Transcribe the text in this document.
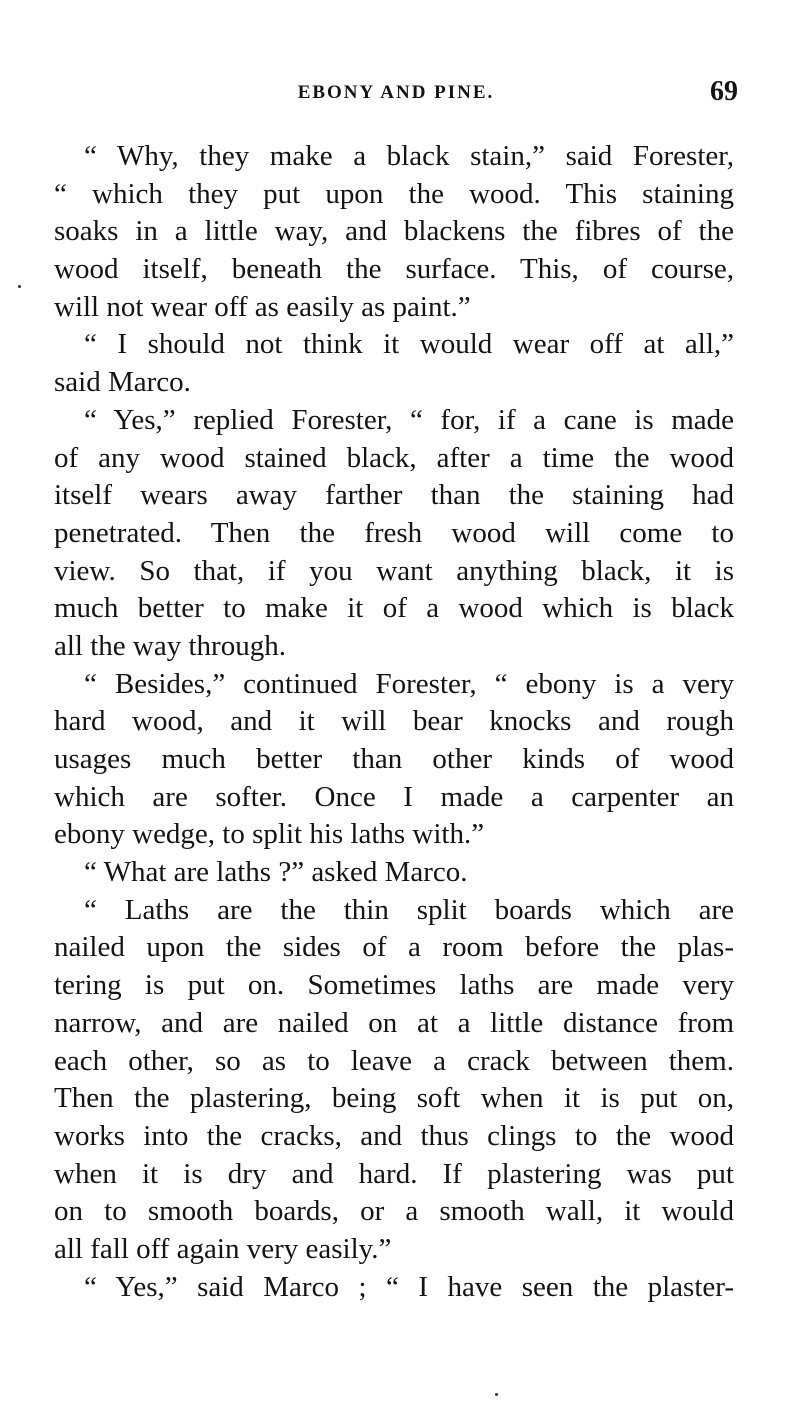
EBONY AND PINE.	69
“ Why, they make a black stain,” said Forester,
“ which they put upon the wood. This staining
soaks in a little way, and blackens the fibres of the
wood itself, beneath the surface. This, of course,
will not wear off as easily as paint.”
“ I should not think it would wear off at all,”
said Marco.
“ Yes,” replied Forester, “ for, if a cane is made
of any wood stained black, after a time the wood
itself wears away farther than the staining had
penetrated. Then the fresh wood will come to
view. So that, if you want anything black, it is
much better to make it of a wood which is black
all the way through.
“ Besides,” continued Forester, “ ebony is a very
hard wood, and it will bear knocks and rough
usages much better than other kinds of wood
which are softer. Once I made a carpenter an
ebony wedge, to split his laths with.”
“ What are laths ?” asked Marco.
“ Laths are the thin split boards which are
nailed upon the sides of a room before the plas-
tering is put on. Sometimes laths are made very
narrow, and are nailed on at a little distance from
each other, so as to leave a crack between them.
Then the plastering, being soft when it is put on,
works into the cracks, and thus clings to the wood
when it is dry and hard. If plastering was put
on to smooth boards, or a smooth wall, it would
all fall off again very easily.”
“ Yes,” said Marco ; “ I have seen the plaster-
